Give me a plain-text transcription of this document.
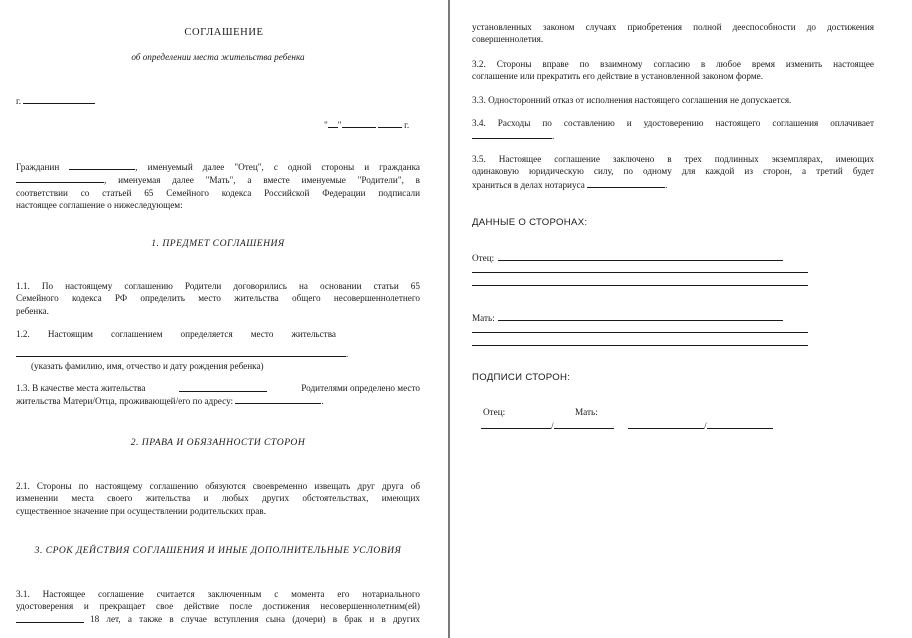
СОГЛАШЕНИЕ
об определении места жительства ребенка
г.
" "	г.
Гражданин	, именуемый далее "Отец", с одной стороны и гражданка
, именуемая далее "Мать", а вместе именуемые "Родители", в
соответствии со статьей 65 Семейного кодекса Российской Федерации подписали
настоящее соглашение о нижеследующем:
1. ПРЕДМЕТ СОГЛАШЕНИЯ
1.1. По настоящему соглашению Родители договорились на основании статьи 65
Семейного кодекса РФ определить место жительства общего несовершеннолетнего
ребенка.
1.2. Настоящим соглашением определяется место жительства
.
(указать фамилию, имя, отчество и дату рождения ребенка)
1.3. В качестве места жительства	Родителями определено место
жительства Матери/Отца, проживающей/его по адресу:	.
2. ПРАВА И ОБЯЗАННОСТИ СТОРОН
2.1. Стороны по настоящему соглашению обязуются своевременно извещать друг друга об
изменении места своего жительства и любых других обстоятельствах, имеющих
существенное значение при осуществлении родительских прав.
3. СРОК ДЕЙСТВИЯ СОГЛАШЕНИЯ И ИНЫЕ ДОПОЛНИТЕЛЬНЫЕ УСЛОВИЯ
3.1. Настоящее соглашение считается заключенным с момента его нотариального
удостоверения и прекращает свое действие после достижения несовершеннолетним(ей)
18 лет, а также в случае вступления сына (дочери) в брак и в других
установленных законом случаях приобретения полной дееспособности до достижения
совершеннолетия.
3.2. Стороны вправе по взаимному согласию в любое время изменить настоящее
соглашение или прекратить его действие в установленной законом форме.
3.3. Односторонний отказ от исполнения настоящего соглашения не допускается.
3.4. Расходы по составлению и удостоверению настоящего соглашения оплачивает
.
3.5. Настоящее соглашение заключено в трех подлинных экземплярах, имеющих
одинаковую юридическую силу, по одному для каждой из сторон, а третий будет
храниться в делах нотариуса	.
ДАННЫЕ О СТОРОНАХ:
Отец:
Мать:
ПОДПИСИ СТОРОН:
Отец:	Мать:
/	/
